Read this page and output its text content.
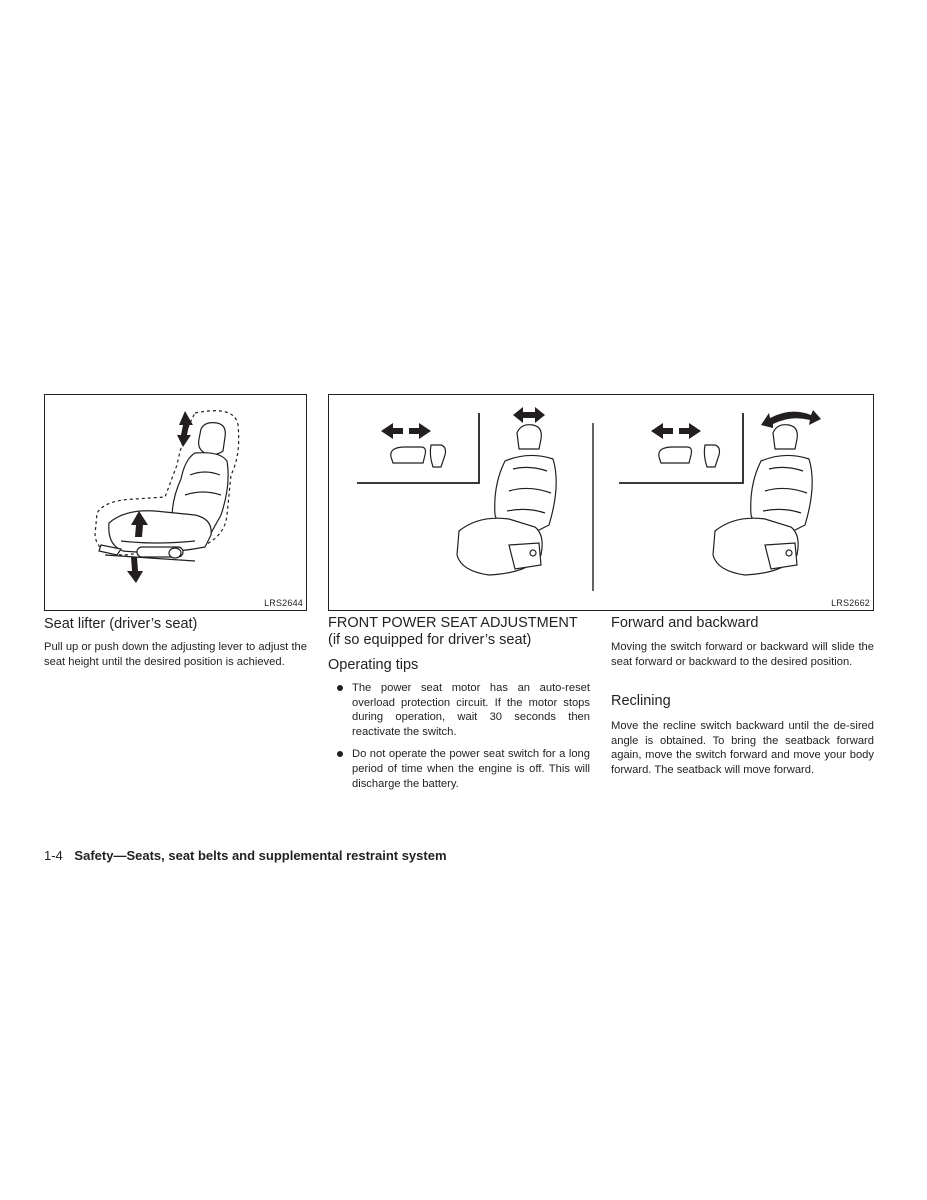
LRS2644	LRS2662
Seat lifter (driver’s seat)

Pull up or push down the adjusting lever to adjust the seat height until the desired position is achieved.

FRONT POWER SEAT ADJUSTMENT
(if so equipped for driver’s seat)
Operating tips
The power seat motor has an auto-reset overload protection circuit. If the motor stops during operation, wait 30 seconds then reactivate the switch.
Do not operate the power seat switch for a long period of time when the engine is off. This will discharge the battery.
Forward and backward

Moving the switch forward or backward will slide the seat forward or backward to the desired position.

Reclining

Move the recline switch backward until the de-sired angle is obtained. To bring the seatback forward again, move the switch forward and move your body forward. The seatback will move forward.

1-4 Safety—Seats, seat belts and supplemental restraint system
